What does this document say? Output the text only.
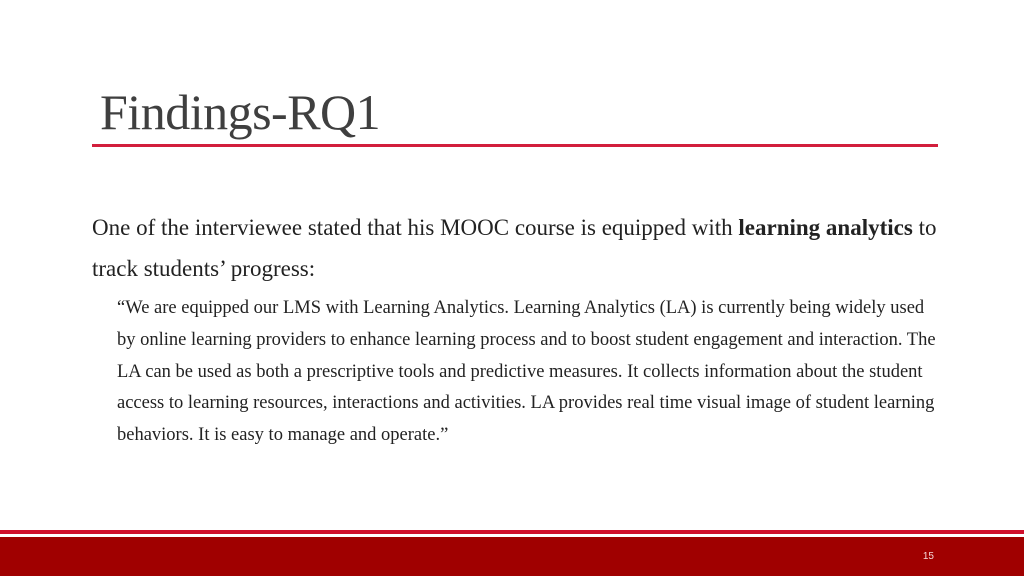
Findings-RQ1

One of the interviewee stated that his MOOC course is equipped with learning analytics to track students’ progress:

“We are equipped our LMS with Learning Analytics. Learning Analytics (LA) is currently being widely used by online learning providers to enhance learning process and to boost student engagement and interaction. The LA can be used as both a prescriptive tools and predictive measures. It collects information about the student access to learning resources, interactions and activities. LA provides real time visual image of student learning behaviors. It is easy to manage and operate.”
15
